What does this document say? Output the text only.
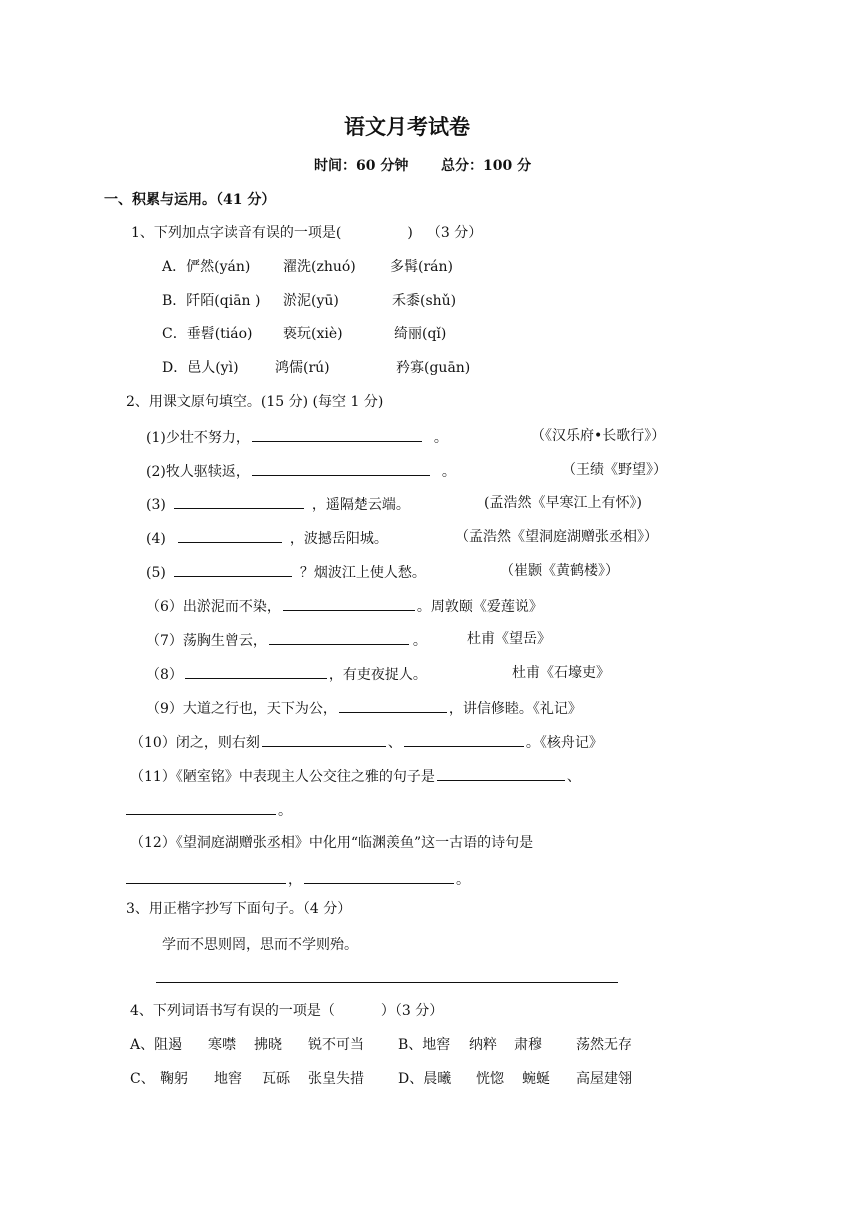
语文月考试卷
时间：60 分钟 总分：100 分
一、积累与运用。（41 分）
1、下列加点字读音有误的一项是(	) （3 分）
A．俨然(yán) 濯洗(zhuó) 多髯(rán)
B．阡陌(qiān ) 淤泥(yū)	禾黍(shǔ)
C．垂髫(tiáo) 亵玩(xiè)	绮丽(qǐ)
D．邑人(yì)	鸿儒(rú)	矜寡(guān)
2、用课文原句填空。(15 分) (每空 1 分)
(1)少壮不努力，	。	（《汉乐府•长歌行》）
(2)牧人驱犊返，	。	（王绩《野望》）
(3)	，遥隔楚云端。	(孟浩然《早寒江上有怀》)
(4)	，波撼岳阳城。	（孟浩然《望洞庭湖赠张丞相》）
(5)	？烟波江上使人愁。	（崔颢《黄鹤楼》）
（6）出淤泥而不染，	。周敦颐《爱莲说》
（7）荡胸生曾云，	。	杜甫《望岳》
（8）	，有吏夜捉人。	杜甫《石壕吏》
（9）大道之行也，天下为公，	，讲信修睦。《礼记》
（10）闭之，则右刻	、	。《核舟记》
（11）《陋室铭》中表现主人公交往之雅的句子是	、
。
（12）《望洞庭湖赠张丞相》中化用“临渊羡鱼”这一古语的诗句是
，	。
3、用正楷字抄写下面句子。（4 分）
学而不思则罔，思而不学则殆。
4、下列词语书写有误的一项是（	）（3 分）
A、阻遏 寒噤 拂晓 锐不可当 B、地窖 纳粹 肃穆 荡然无存
C、 鞠躬 地窖 瓦砾 张皇失措 D、晨曦 恍惚 蜿蜒 高屋建翎
